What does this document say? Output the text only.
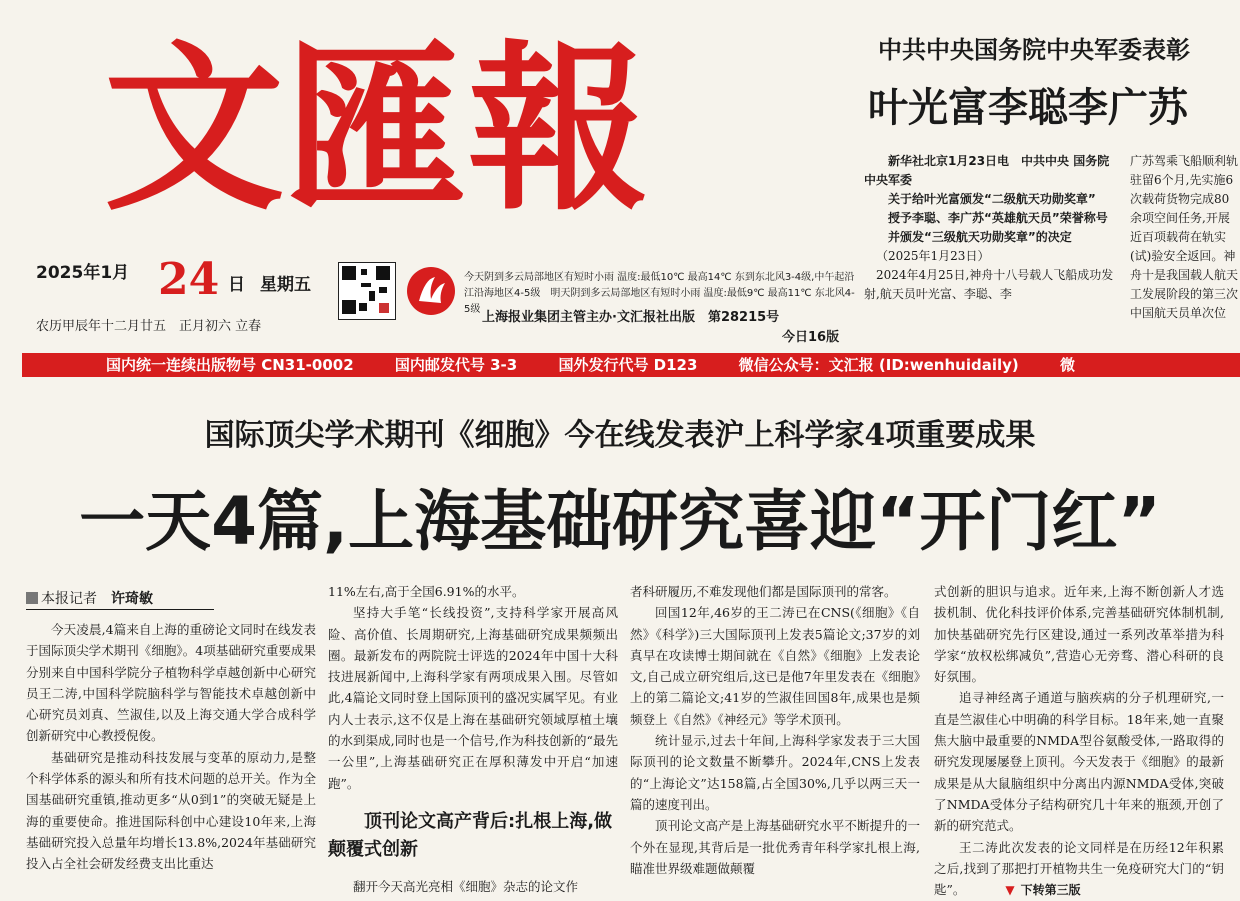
文匯報
2025年1月 24 日 星期五
农历甲辰年十二月廿五　正月初六 立春
今天阴到多云局部地区有短时小雨 温度:最低10℃ 最高14℃ 东到东北风3-4级,中午起沿江沿海地区4-5级　明天阴到多云局部地区有短时小雨 温度:最低9℃ 最高11℃ 东北风4-5级
上海报业集团主管主办·文汇报社出版　第28215号
今日16版
国内统一连续出版物号 CN31-0002	国内邮发代号 3-3	国外发行代号 D123	微信公众号：文汇报 (ID:wenhuidaily)	微
中共中央国务院中央军委表彰
叶光富李聪李广苏

新华社北京1月23日电　中共中央 国务院 中央军委

关于给叶光富颁发“二级航天功勋奖章”

授予李聪、李广苏“英雄航天员”荣誉称号

并颁发“三级航天功勋奖章”的决定

（2025年1月23日）

2024年4月25日,神舟十八号载人飞船成功发射,航天员叶光富、李聪、李

广苏驾乘飞船顺利轨驻留6个月,先实施6次载荷货物完成80余项空间任务,开展近百项载荷在轨实(试)验安全返回。神舟十是我国载人航天工发展阶段的第三次中国航天员单次位
国际顶尖学术期刊《细胞》今在线发表沪上科学家4项重要成果
一天4篇,上海基础研究喜迎“开门红”
本报记者 许琦敏

今天凌晨,4篇来自上海的重磅论文同时在线发表于国际顶尖学术期刊《细胞》。4项基础研究重要成果分别来自中国科学院分子植物科学卓越创新中心研究员王二涛,中国科学院脑科学与智能技术卓越创新中心研究员刘真、竺淑佳,以及上海交通大学合成科学创新研究中心教授倪俊。

基础研究是推动科技发展与变革的原动力,是整个科学体系的源头和所有技术问题的总开关。作为全国基础研究重镇,推动更多“从0到1”的突破无疑是上海的重要使命。推进国际科创中心建设10年来,上海基础研究投入总量年均增长13.8%,2024年基础研究投入占全社会研发经费支出比重达

11%左右,高于全国6.91%的水平。

坚持大手笔“长线投资”,支持科学家开展高风险、高价值、长周期研究,上海基础研究成果频频出圈。最新发布的两院院士评选的2024年中国十大科技进展新闻中,上海科学家有两项成果入围。尽管如此,4篇论文同时登上国际顶刊的盛况实属罕见。有业内人士表示,这不仅是上海在基础研究领域厚植土壤的水到渠成,同时也是一个信号,作为科技创新的“最先一公里”,上海基础研究正在厚积薄发中开启“加速跑”。

顶刊论文高产背后:扎根上海,做颠覆式创新

翻开今天高光亮相《细胞》杂志的论文作

者科研履历,不难发现他们都是国际顶刊的常客。

回国12年,46岁的王二涛已在CNS(《细胞》《自然》《科学》)三大国际顶刊上发表5篇论文;37岁的刘真早在攻读博士期间就在《自然》《细胞》上发表论文,自己成立研究组后,这已是他7年里发表在《细胞》上的第二篇论文;41岁的竺淑佳回国8年,成果也是频频登上《自然》《神经元》等学术顶刊。

统计显示,过去十年间,上海科学家发表于三大国际顶刊的论文数量不断攀升。2024年,CNS上发表的“上海论文”达158篇,占全国30%,几乎以两三天一篇的速度刊出。

顶刊论文高产是上海基础研究水平不断提升的一个外在显现,其背后是一批优秀青年科学家扎根上海,瞄准世界级难题做颠覆

式创新的胆识与追求。近年来,上海不断创新人才选拔机制、优化科技评价体系,完善基础研究体制机制,加快基础研究先行区建设,通过一系列改革举措为科学家“放权松绑减负”,营造心无旁骛、潜心科研的良好氛围。

追寻神经离子通道与脑疾病的分子机理研究,一直是竺淑佳心中明确的科学目标。18年来,她一直聚焦大脑中最重要的NMDA型谷氨酸受体,一路取得的研究发现屡屡登上顶刊。今天发表于《细胞》的最新成果是从大鼠脑组织中分离出内源NMDA受体,突破了NMDA受体分子结构研究几十年来的瓶颈,开创了新的研究范式。

王二涛此次发表的论文同样是在历经12年积累之后,找到了那把打开植物共生一免疫研究大门的“钥匙”。	▼ 下转第三版
